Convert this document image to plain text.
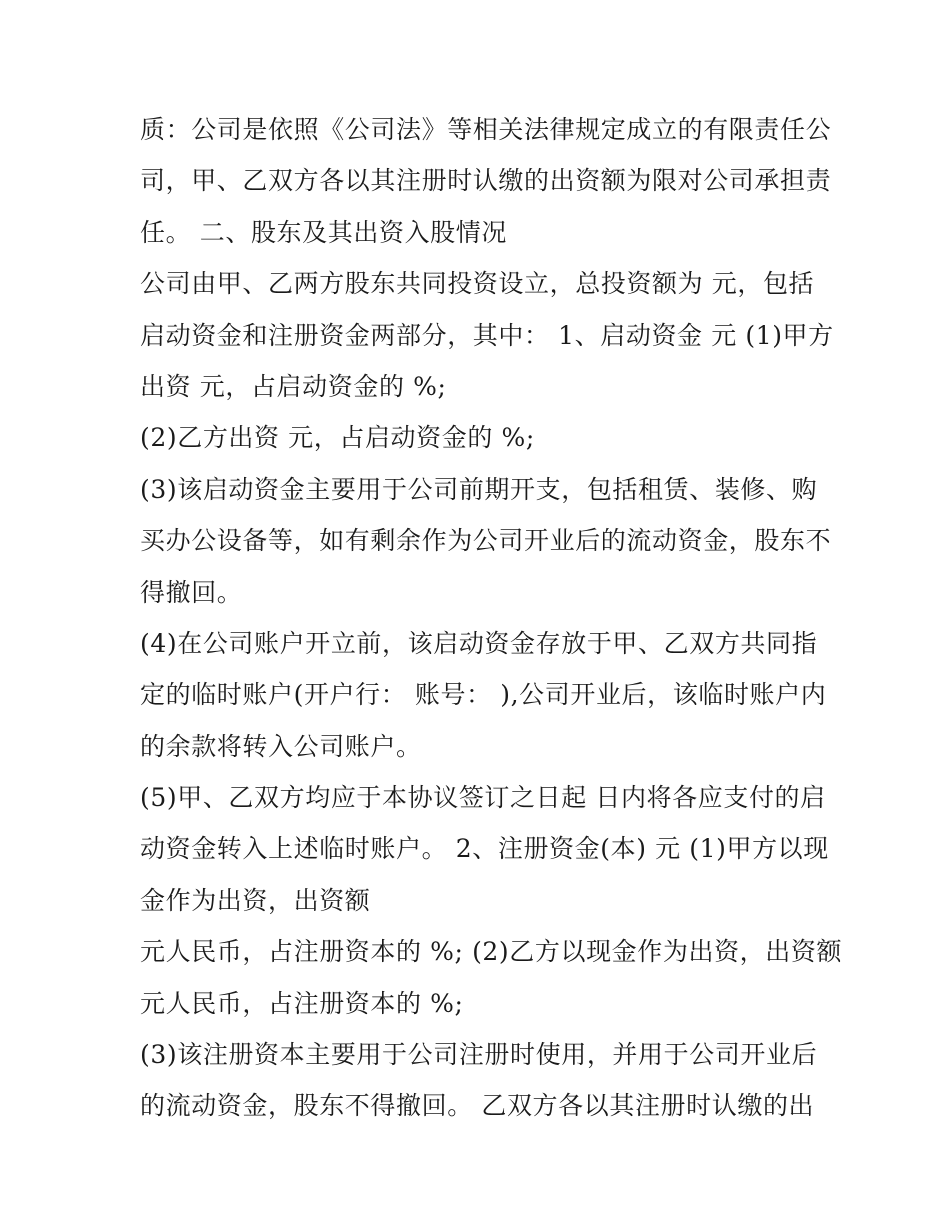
质：公司是依照《公司法》等相关法律规定成立的有限责任公
司，甲、乙双方各以其注册时认缴的出资额为限对公司承担责
任。 二、股东及其出资入股情况
公司由甲、乙两方股东共同投资设立，总投资额为 元，包括
启动资金和注册资金两部分，其中： 1、启动资金 元 (1)甲方
出资 元，占启动资金的 %;
(2)乙方出资 元，占启动资金的 %;
(3)该启动资金主要用于公司前期开支，包括租赁、装修、购
买办公设备等，如有剩余作为公司开业后的流动资金，股东不
得撤回。
(4)在公司账户开立前，该启动资金存放于甲、乙双方共同指
定的临时账户(开户行： 账号： ),公司开业后，该临时账户内
的余款将转入公司账户。
(5)甲、乙双方均应于本协议签订之日起 日内将各应支付的启
动资金转入上述临时账户。 2、注册资金(本) 元 (1)甲方以现
金作为出资，出资额
元人民币，占注册资本的 %; (2)乙方以现金作为出资，出资额
元人民币，占注册资本的 %;
(3)该注册资本主要用于公司注册时使用，并用于公司开业后
的流动资金，股东不得撤回。 乙双方各以其注册时认缴的出
